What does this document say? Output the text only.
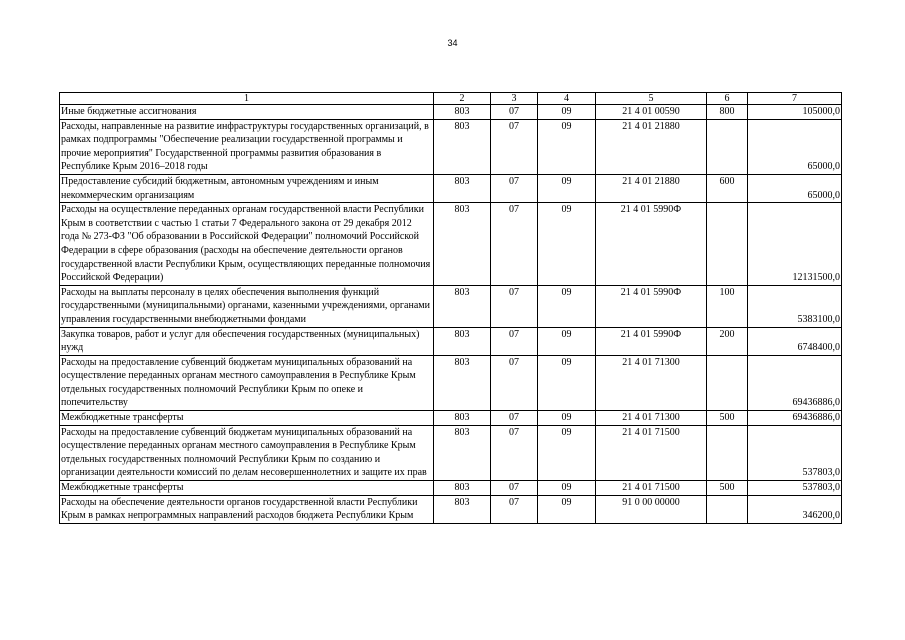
34
1	2	3	4	5	6	7
Иные бюджетные ассигнования	803	07	09	21 4 01 00590	800	105000,0
Расходы, направленные на развитие инфраструктуры государственных организаций, в рамках подпрограммы "Обеспечение реализации государственной программы и прочие мероприятия" Государственной программы развития образования в Республике Крым 2016–2018 годы	803	07	09	21 4 01 21880		65000,0
Предоставление субсидий бюджетным, автономным учреждениям и иным некоммерческим организациям	803	07	09	21 4 01 21880	600	65000,0
Расходы на осуществление переданных органам государственной власти Республики Крым в соответствии с частью 1 статьи 7 Федерального закона от 29 декабря 2012 года № 273-ФЗ "Об образовании в Российской Федерации" полномочий Российской Федерации в сфере образования (расходы на обеспечение деятельности органов государственной власти Республики Крым, осуществляющих переданные полномочия Российской Федерации)	803	07	09	21 4 01 5990Ф		12131500,0
Расходы на выплаты персоналу в целях обеспечения выполнения функций государственными (муниципальными) органами, казенными учреждениями, органами управления государственными внебюджетными фондами	803	07	09	21 4 01 5990Ф	100	5383100,0
Закупка товаров, работ и услуг для обеспечения государственных (муниципальных) нужд	803	07	09	21 4 01 5990Ф	200	6748400,0
Расходы на предоставление субвенций бюджетам муниципальных образований на осуществление переданных органам местного самоуправления в Республике Крым отдельных государственных полномочий Республики Крым по опеке и попечительству	803	07	09	21 4 01 71300		69436886,0
Межбюджетные трансферты	803	07	09	21 4 01 71300	500	69436886,0
Расходы на предоставление субвенций бюджетам муниципальных образований на осуществление переданных органам местного самоуправления в Республике Крым отдельных государственных полномочий Республики Крым по созданию и организации деятельности комиссий по делам несовершеннолетних и защите их прав	803	07	09	21 4 01 71500		537803,0
Межбюджетные трансферты	803	07	09	21 4 01 71500	500	537803,0
Расходы на обеспечение деятельности органов государственной власти Республики Крым в рамках непрограммных направлений расходов бюджета Республики Крым	803	07	09	91 0 00 00000		346200,0
